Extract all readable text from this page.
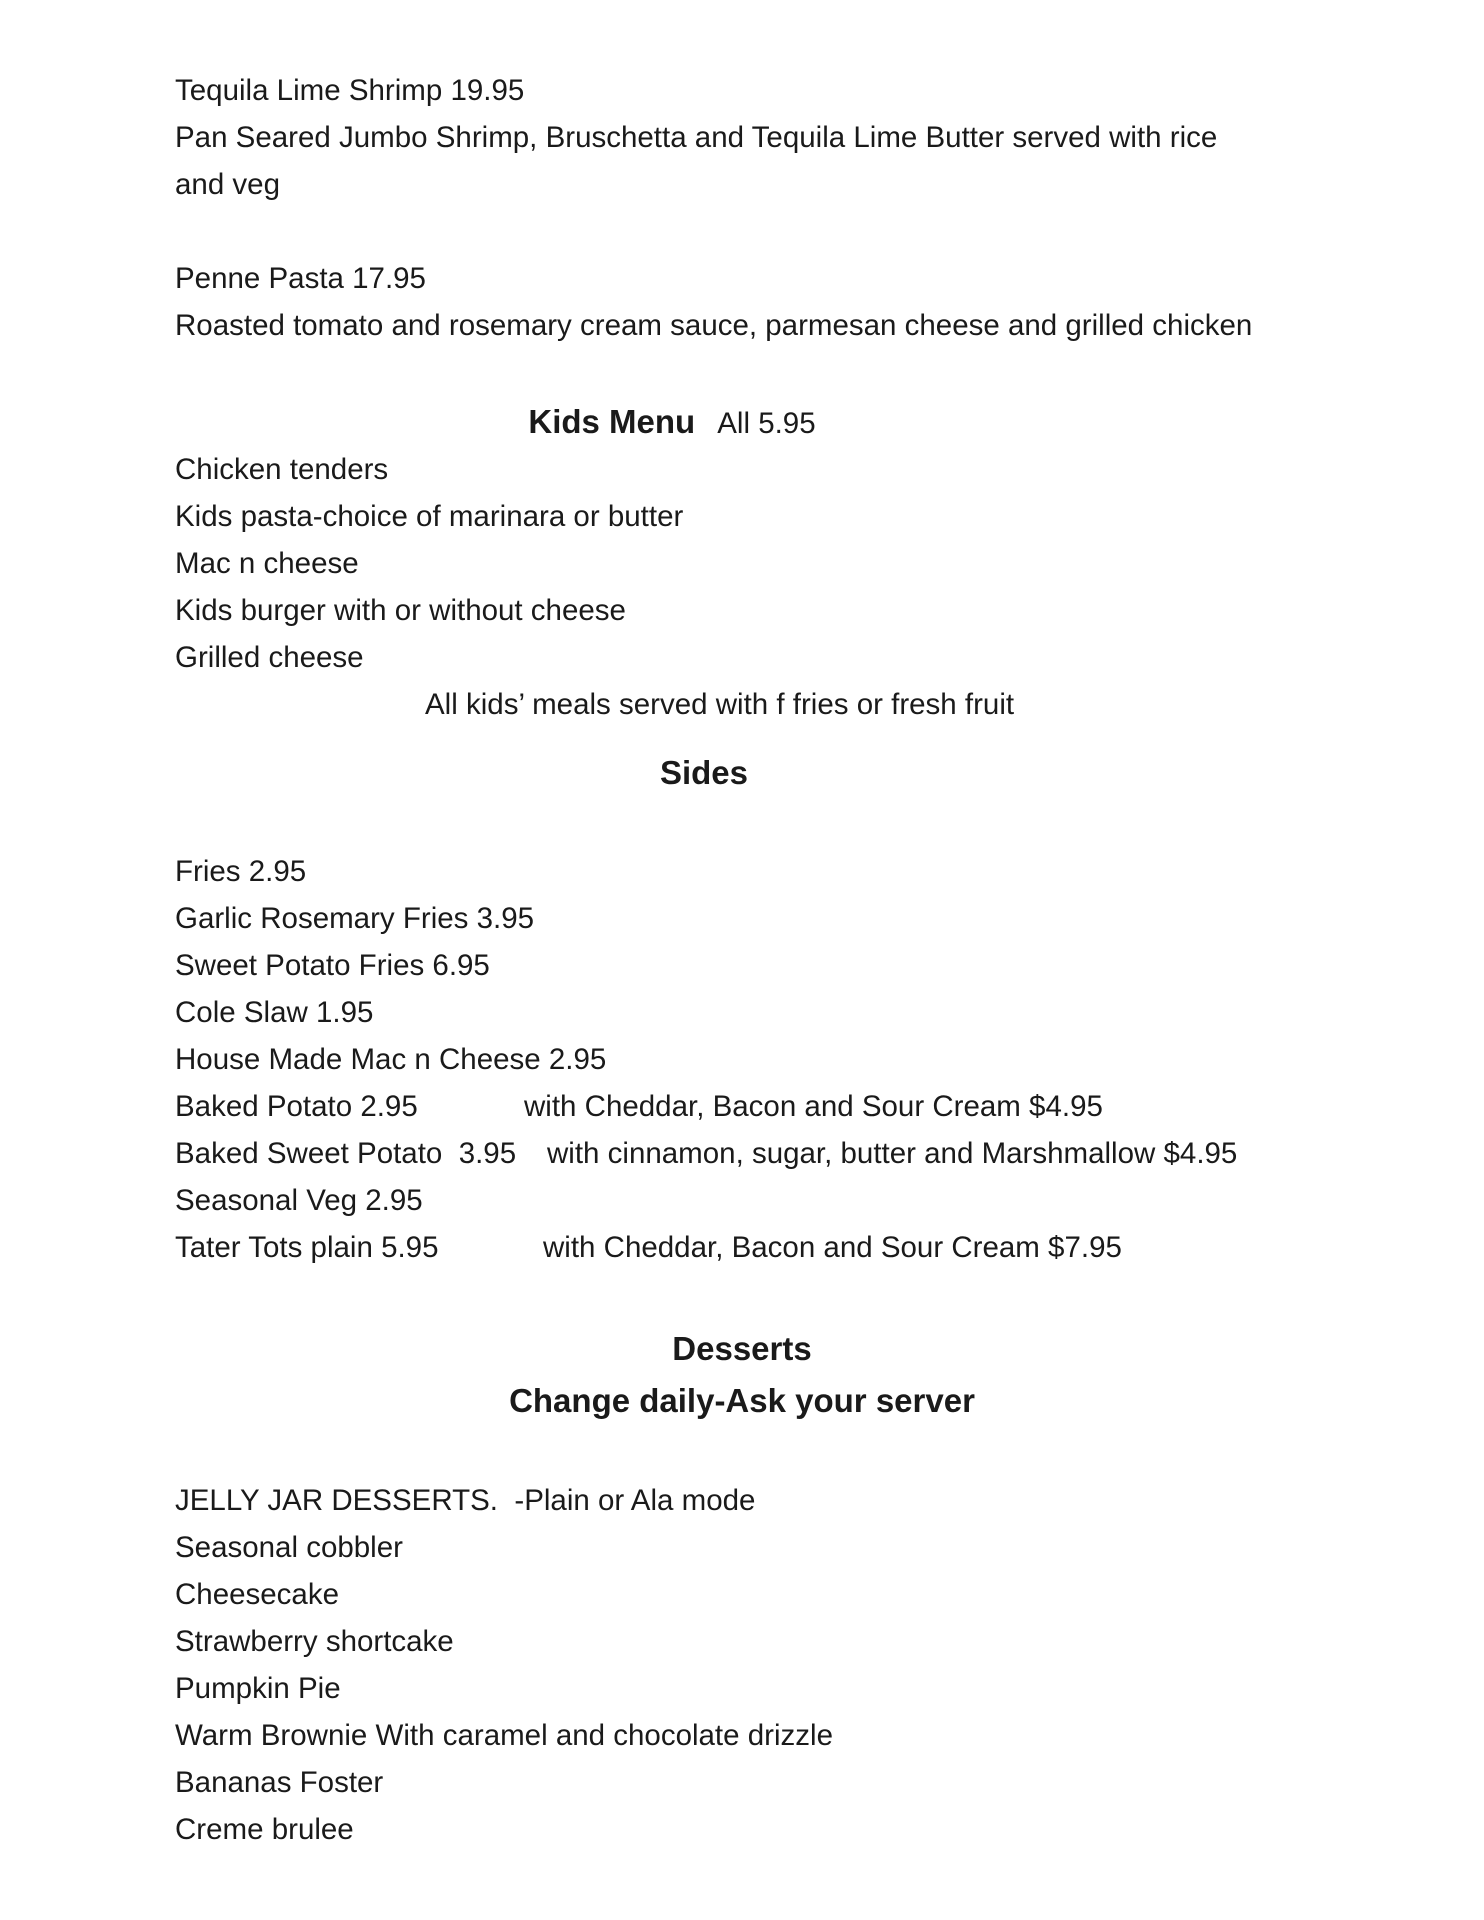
Tequila Lime Shrimp 19.95
Pan Seared Jumbo Shrimp, Bruschetta and Tequila Lime Butter served with rice
and veg
Penne Pasta 17.95
Roasted tomato and rosemary cream sauce, parmesan cheese and grilled chicken
Kids Menu All 5.95
Chicken tenders
Kids pasta-choice of marinara or butter
Mac n cheese
Kids burger with or without cheese
Grilled cheese
All kids’ meals served with f fries or fresh fruit
Sides
Fries 2.95
Garlic Rosemary Fries 3.95
Sweet Potato Fries 6.95
Cole Slaw 1.95
House Made Mac n Cheese 2.95
Baked Potato 2.95	with Cheddar, Bacon and Sour Cream $4.95
Baked Sweet Potato  3.95 with cinnamon, sugar, butter and Marshmallow $4.95
Seasonal Veg 2.95
Tater Tots plain 5.95	with Cheddar, Bacon and Sour Cream $7.95
Desserts
Change daily-Ask your server
JELLY JAR DESSERTS.  -Plain or Ala mode
Seasonal cobbler
Cheesecake
Strawberry shortcake
Pumpkin Pie
Warm Brownie With caramel and chocolate drizzle
Bananas Foster
Creme brulee
